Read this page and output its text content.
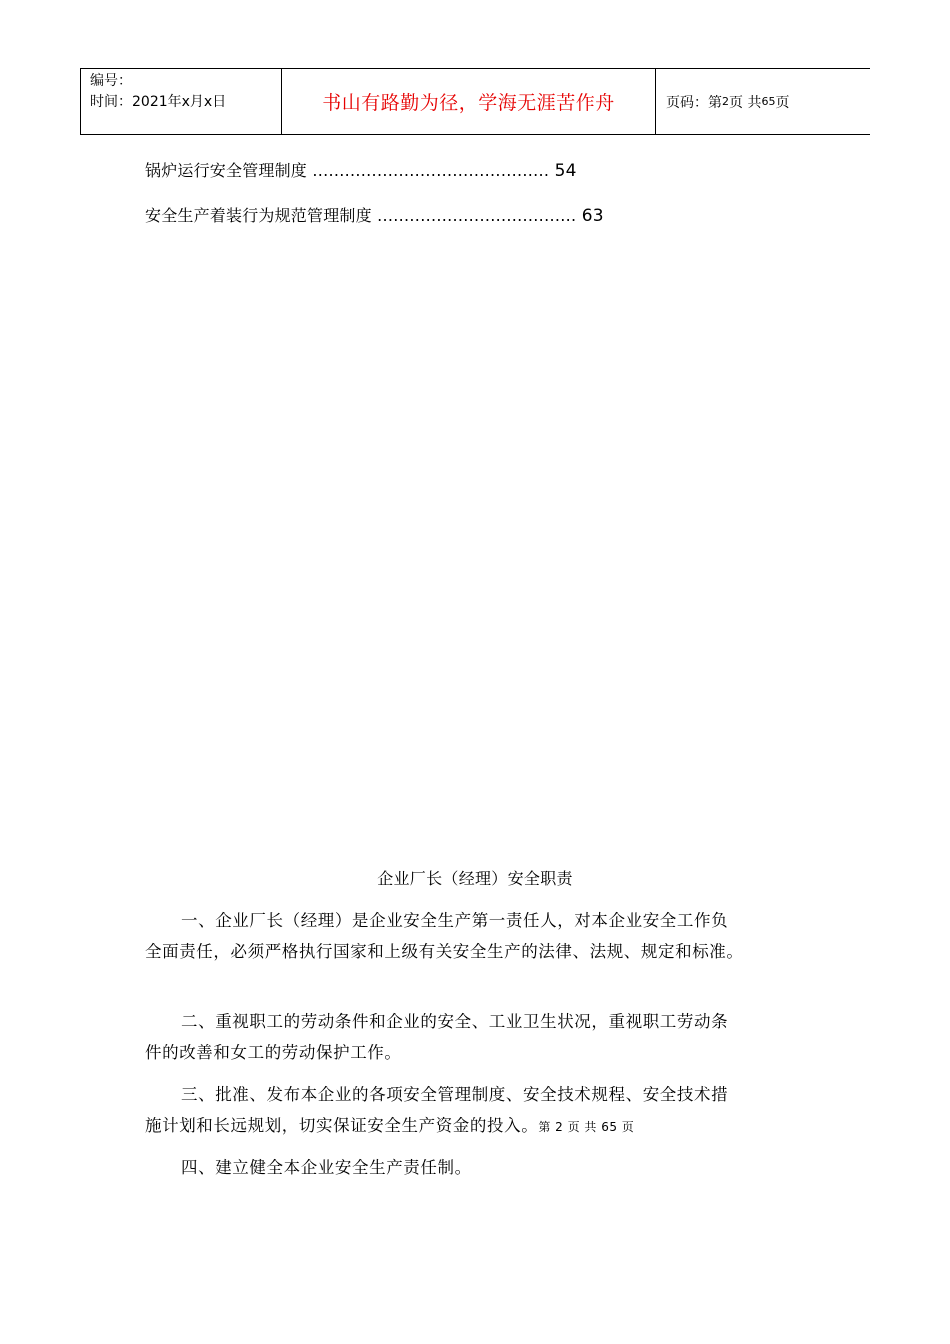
编号：
时间：2021年x月x日	书山有路勤为径，学海无涯苦作舟	页码：第 2 页 共 65 页
锅炉运行安全管理制度 ............................................ 54
安全生产着装行为规范管理制度 ..................................... 63
企业厂长（经理）安全职责
一、企业厂长（经理）是企业安全生产第一责任人，对本企业安全工作负
全面责任，必须严格执行国家和上级有关安全生产的法律、法规、规定和标准。
二、重视职工的劳动条件和企业的安全、工业卫生状况，重视职工劳动条
件的改善和女工的劳动保护工作。
三、批准、发布本企业的各项安全管理制度、安全技术规程、安全技术措
施计划和长远规划，切实保证安全生产资金的投入。第 2 页 共 65 页
四、建立健全本企业安全生产责任制。
